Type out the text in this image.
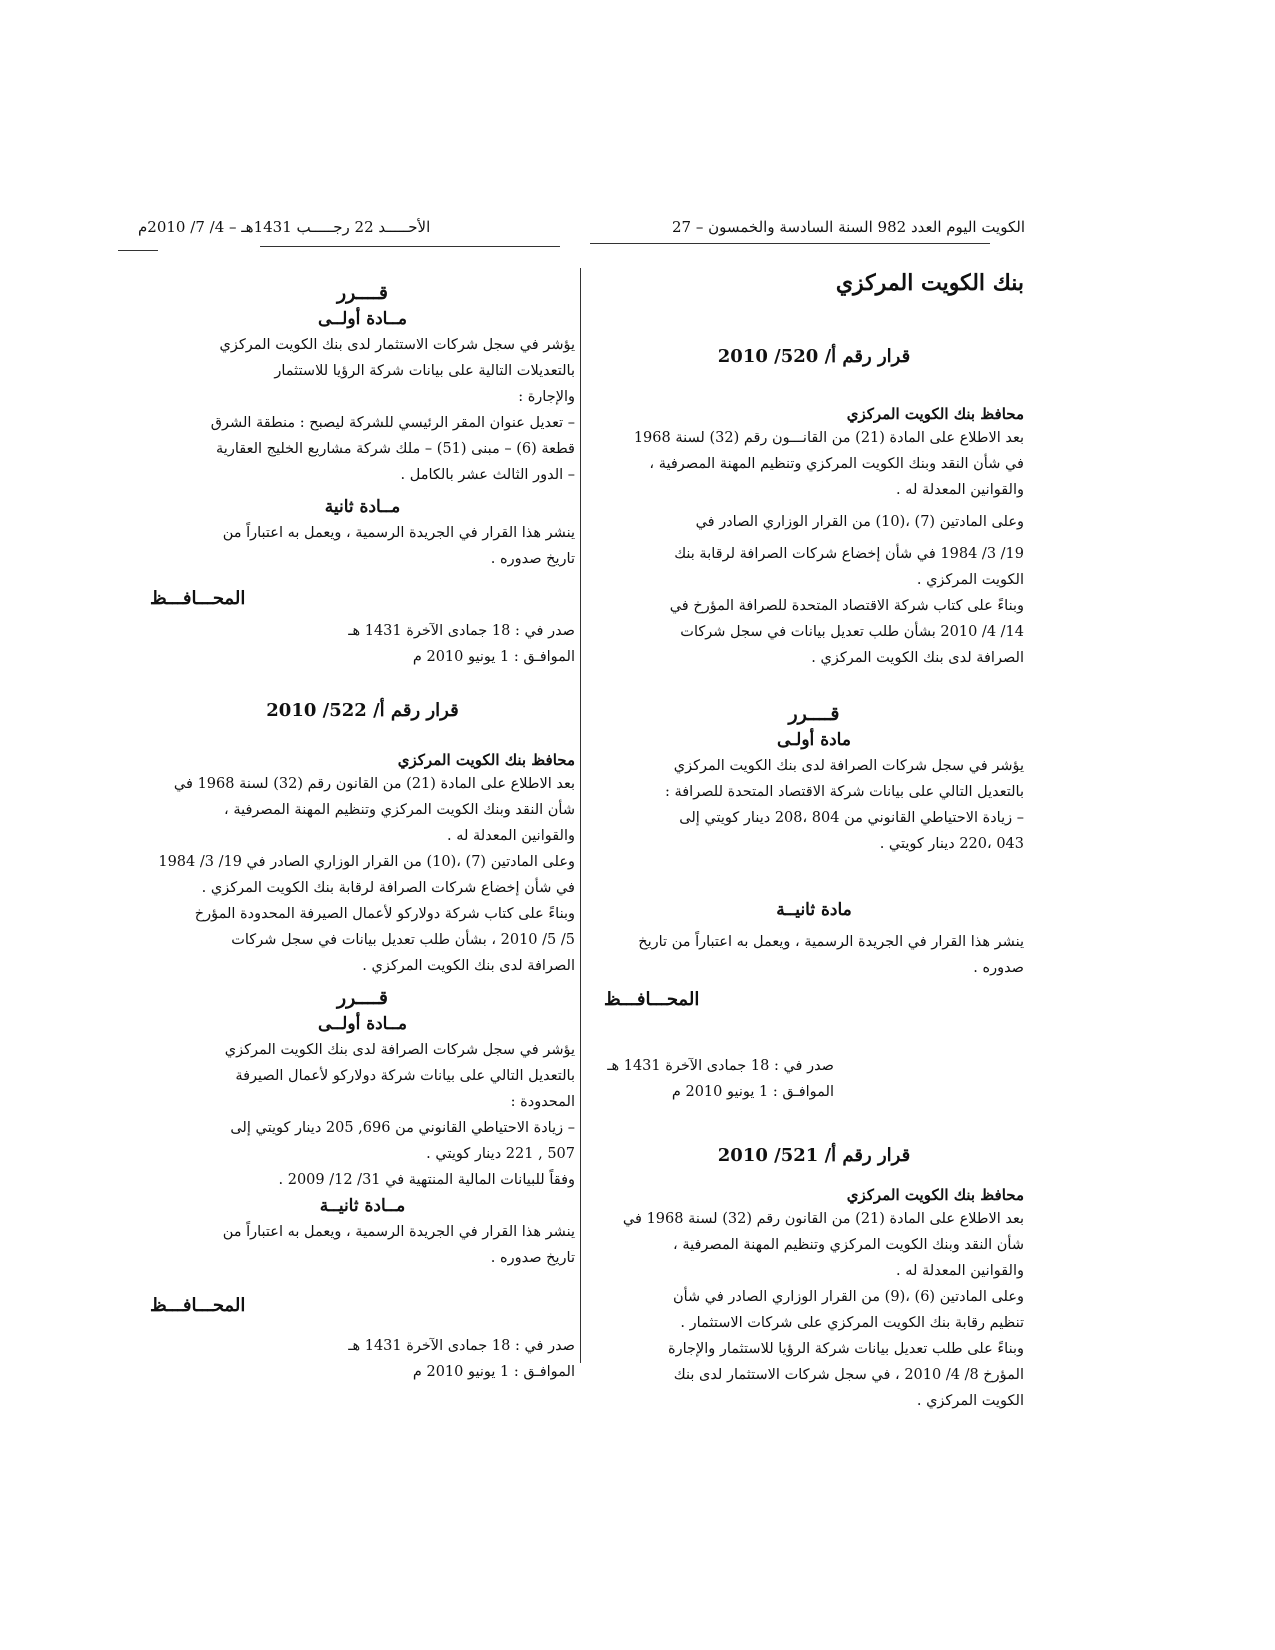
الكويت اليوم العدد 982 السنة السادسة والخمسون – 27
الأحـــــد 22 رجـــــب 1431هـ – 4/ 7/ 2010م
بنك الكويت المركزي
قرار رقم أ/ 520/ 2010
محافظ بنك الكويت المركزي

بعد الاطلاع على المادة (21) من القانـــون رقم (32) لسنة 1968

في شأن النقد وبنك الكويت المركزي وتنظيم المهنة المصرفية ،

والقوانين المعدلة له .

وعلى المادتين (7) ،(10) من القرار الوزاري الصادر في

19/ 3/ 1984 في شأن إخضاع شركات الصرافة لرقابة بنك

الكويت المركزي .

وبناءً على كتاب شركة الاقتصاد المتحدة للصرافة المؤرخ في

14/ 4/ 2010 بشأن طلب تعديل بيانات في سجل شركات

الصرافة لدى بنك الكويت المركزي .

قــــرر

مادة أولـى

يؤشر في سجل شركات الصرافة لدى بنك الكويت المركزي

بالتعديل التالي على بيانات شركة الاقتصاد المتحدة للصرافة :

– زيادة الاحتياطي القانوني من 804 ،208 دينار كويتي إلى

043 ،220 دينار كويتي .

مادة ثانيــة

ينشر هذا القرار في الجريدة الرسمية ، ويعمل به اعتباراً من تاريخ

صدوره .

المحـــافـــظ

صدر في : 18 جمادى الآخرة 1431 هـ

الموافـق : 1 يونيو 2010 م

قرار رقم أ/ 521/ 2010
محافظ بنك الكويت المركزي

بعد الاطلاع على المادة (21) من القانون رقم (32) لسنة 1968 في

شأن النقد وبنك الكويت المركزي وتنظيم المهنة المصرفية ،

والقوانين المعدلة له .

وعلى المادتين (6) ،(9) من القرار الوزاري الصادر في شأن

تنظيم رقابة بنك الكويت المركزي على شركات الاستثمار .

وبناءً على طلب تعديل بيانات شركة الرؤيا للاستثمار والإجارة

المؤرخ 8/ 4/ 2010 ، في سجل شركات الاستثمار لدى بنك

الكويت المركزي .

قــــرر

مــادة أولــى

يؤشر في سجل شركات الاستثمار لدى بنك الكويت المركزي

بالتعديلات التالية على بيانات شركة الرؤيا للاستثمار

والإجارة :

– تعديل عنوان المقر الرئيسي للشركة ليصبح : منطقة الشرق

قطعة (6) – مبنى (51) – ملك شركة مشاريع الخليج العقارية

– الدور الثالث عشر بالكامل .

مــادة ثانية

ينشر هذا القرار في الجريدة الرسمية ، ويعمل به اعتباراً من

تاريخ صدوره .

المحـــافـــظ

صدر في : 18 جمادى الآخرة 1431 هـ

الموافـق : 1 يونيو 2010 م

قرار رقم أ/ 522/ 2010
محافظ بنك الكويت المركزي

بعد الاطلاع على المادة (21) من القانون رقم (32) لسنة 1968 في

شأن النقد وبنك الكويت المركزي وتنظيم المهنة المصرفية ،

والقوانين المعدلة له .

وعلى المادتين (7) ،(10) من القرار الوزاري الصادر في 19/ 3/ 1984

في شأن إخضاع شركات الصرافة لرقابة بنك الكويت المركزي .

وبناءً على كتاب شركة دولاركو لأعمال الصيرفة المحدودة المؤرخ

5/ 5/ 2010 ، بشأن طلب تعديل بيانات في سجل شركات

الصرافة لدى بنك الكويت المركزي .

قــــرر

مــادة أولــى

يؤشر في سجل شركات الصرافة لدى بنك الكويت المركزي

بالتعديل التالي على بيانات شركة دولاركو لأعمال الصيرفة

المحدودة :

– زيادة الاحتياطي القانوني من 696, 205 دينار كويتي إلى

507 , 221 دينار كويتي .

وفقاً للبيانات المالية المنتهية في 31/ 12/ 2009 .

مــادة ثانيــة

ينشر هذا القرار في الجريدة الرسمية ، ويعمل به اعتباراً من

تاريخ صدوره .

المحـــافـــظ

صدر في : 18 جمادى الآخرة 1431 هـ

الموافـق : 1 يونيو 2010 م
